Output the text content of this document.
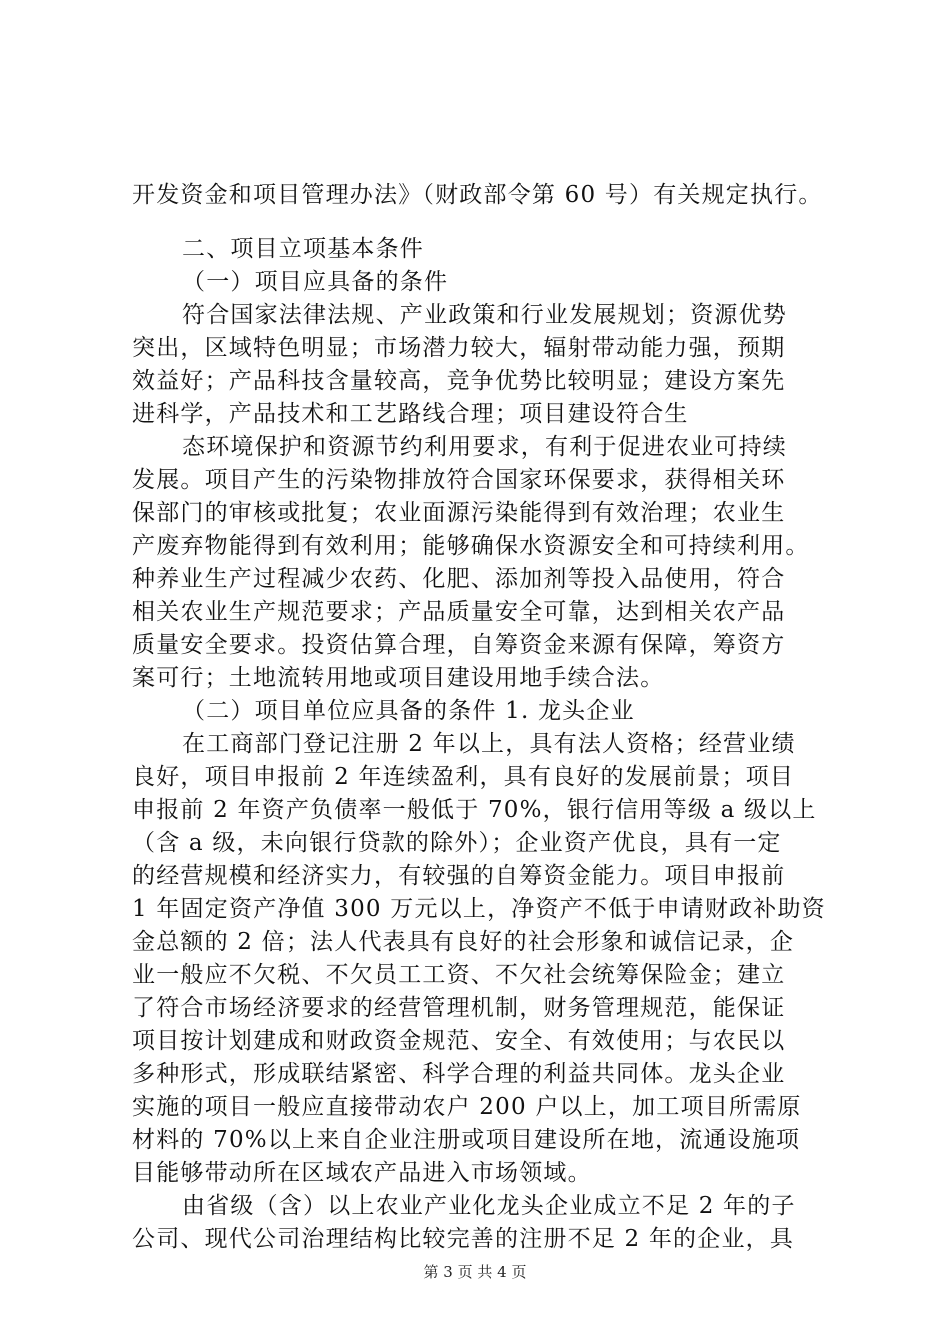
开发资金和项目管理办法》（财政部令第 60 号）有关规定执行。
二、项目立项基本条件
（一）项目应具备的条件
符合国家法律法规、产业政策和行业发展规划；资源优势
突出，区域特色明显；市场潜力较大，辐射带动能力强，预期
效益好；产品科技含量较高，竞争优势比较明显；建设方案先
进科学，产品技术和工艺路线合理；项目建设符合生
态环境保护和资源节约利用要求，有利于促进农业可持续
发展。项目产生的污染物排放符合国家环保要求，获得相关环
保部门的审核或批复；农业面源污染能得到有效治理；农业生
产废弃物能得到有效利用；能够确保水资源安全和可持续利用。
种养业生产过程减少农药、化肥、添加剂等投入品使用，符合
相关农业生产规范要求；产品质量安全可靠，达到相关农产品
质量安全要求。投资估算合理，自筹资金来源有保障，筹资方
案可行；土地流转用地或项目建设用地手续合法。
（二）项目单位应具备的条件 1. 龙头企业
在工商部门登记注册 2 年以上，具有法人资格；经营业绩
良好，项目申报前 2 年连续盈利，具有良好的发展前景；项目
申报前 2 年资产负债率一般低于 70%，银行信用等级 a 级以上
（含 a 级，未向银行贷款的除外）；企业资产优良，具有一定
的经营规模和经济实力，有较强的自筹资金能力。项目申报前
1 年固定资产净值 300 万元以上，净资产不低于申请财政补助资
金总额的 2 倍；法人代表具有良好的社会形象和诚信记录，企
业一般应不欠税、不欠员工工资、不欠社会统筹保险金；建立
了符合市场经济要求的经营管理机制，财务管理规范，能保证
项目按计划建成和财政资金规范、安全、有效使用；与农民以
多种形式，形成联结紧密、科学合理的利益共同体。龙头企业
实施的项目一般应直接带动农户 200 户以上，加工项目所需原
材料的 70%以上来自企业注册或项目建设所在地，流通设施项
目能够带动所在区域农产品进入市场领域。
由省级（含）以上农业产业化龙头企业成立不足 2 年的子
公司、现代公司治理结构比较完善的注册不足 2 年的企业，具
第 3 页 共 4 页
